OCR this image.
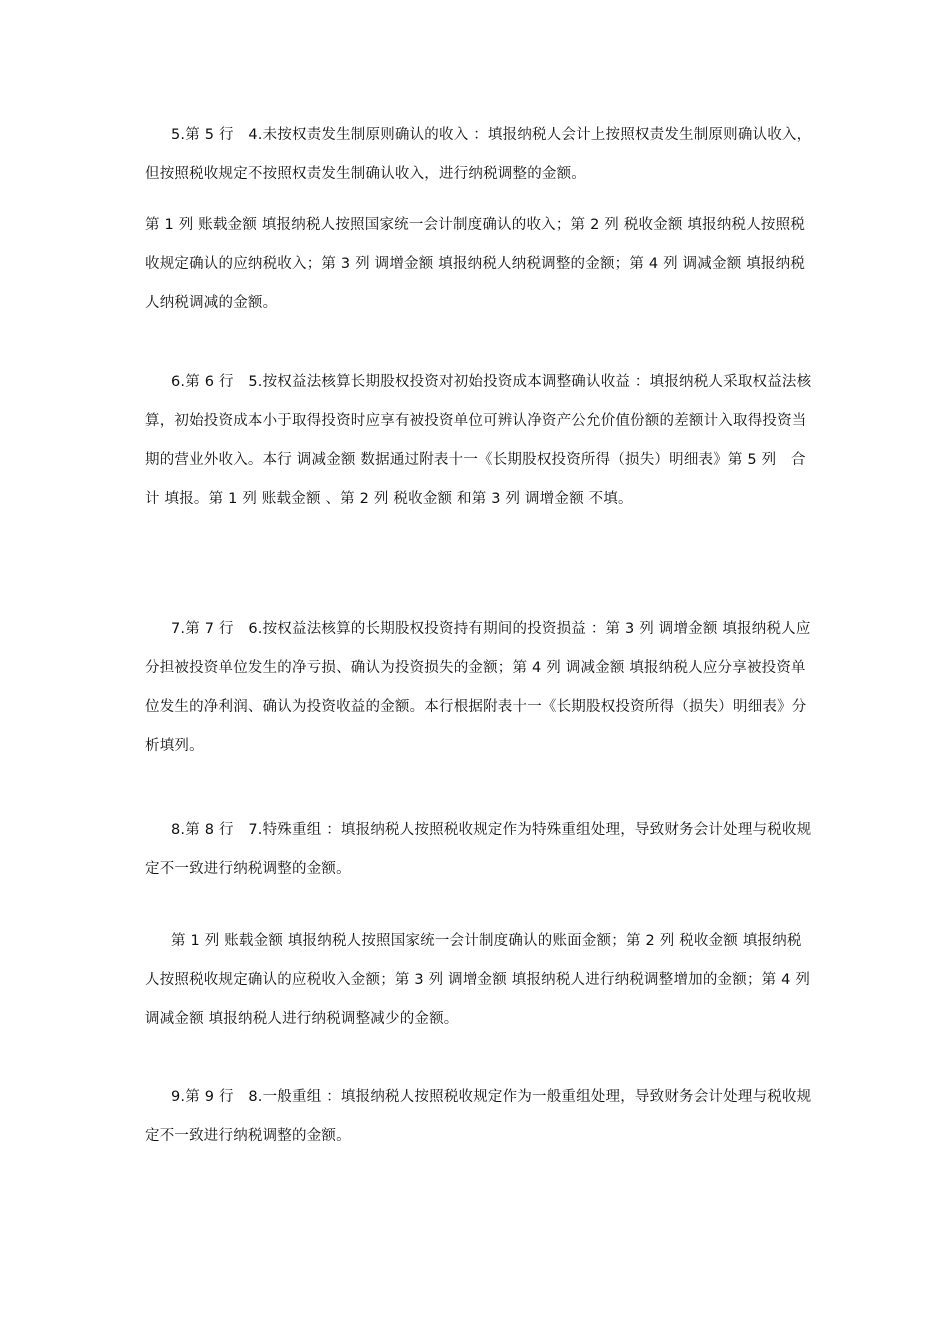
5.第 5 行　4.未按权责发生制原则确认的收入 ：填报纳税人会计上按照权责发生制原则确认收入，但按照税收规定不按照权责发生制确认收入，进行纳税调整的金额。

第 1 列 账载金额 填报纳税人按照国家统一会计制度确认的收入；第 2 列 税收金额 填报纳税人按照税收规定确认的应纳税收入；第 3 列 调增金额 填报纳税人纳税调整的金额；第 4 列 调减金额 填报纳税人纳税调减的金额。

6.第 6 行　5.按权益法核算长期股权投资对初始投资成本调整确认收益 ：填报纳税人采取权益法核算，初始投资成本小于取得投资时应享有被投资单位可辨认净资产公允价值份额的差额计入取得投资当期的营业外收入。本行 调减金额 数据通过附表十一《长期股权投资所得（损失）明细表》第 5 列　合计 填报。第 1 列 账载金额 、第 2 列 税收金额 和第 3 列 调增金额 不填。

7.第 7 行　6.按权益法核算的长期股权投资持有期间的投资损益 ：第 3 列 调增金额 填报纳税人应分担被投资单位发生的净亏损、确认为投资损失的金额；第 4 列 调减金额 填报纳税人应分享被投资单位发生的净利润、确认为投资收益的金额。本行根据附表十一《长期股权投资所得（损失）明细表》分析填列。

8.第 8 行　7.特殊重组 ：填报纳税人按照税收规定作为特殊重组处理，导致财务会计处理与税收规定不一致进行纳税调整的金额。

第 1 列 账载金额 填报纳税人按照国家统一会计制度确认的账面金额；第 2 列 税收金额 填报纳税人按照税收规定确认的应税收入金额；第 3 列 调增金额 填报纳税人进行纳税调整增加的金额；第 4 列 调减金额 填报纳税人进行纳税调整减少的金额。

9.第 9 行　8.一般重组 ：填报纳税人按照税收规定作为一般重组处理，导致财务会计处理与税收规定不一致进行纳税调整的金额。
